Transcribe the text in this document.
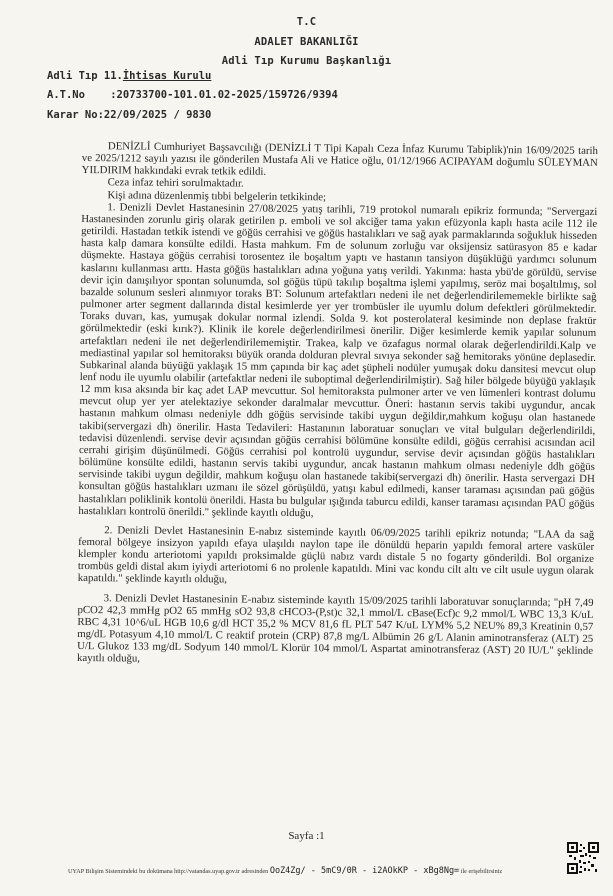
T.C
ADALET BAKANLIĞI
Adli Tıp Kurumu Başkanlığı
Adli Tıp 11.İhtisas Kurulu
A.T.No :20733700-101.01.02-2025/159726/9394
Karar No:22/09/2025 / 9830

DENİZLİ Cumhuriyet Başsavcılığı (DENİZLİ T Tipi Kapalı Ceza İnfaz Kurumu Tabiplik)'nin 16/09/2025 tarih ve 2025/1212 sayılı yazısı ile gönderilen Mustafa Ali ve Hatice oğlu, 01/12/1966 ACIPAYAM doğumlu SÜLEYMAN YILDIRIM hakkındaki evrak tetkik edildi.

Ceza infaz tehiri sorulmaktadır.

Kişi adına düzenlenmiş tıbbi belgelerin tetkikinde;

1. Denizli Devlet Hastanesinin 27/08/2025 yatış tarihli, 719 protokol numaralı epikriz formunda; "Servergazi Hastanesinden zorunlu giriş olarak getirilen p. emboli ve sol akciğer tama yakın efüzyonla kaplı hasta acile 112 ile getirildi. Hastadan tetkik istendi ve göğüs cerrahisi ve göğüs hastalıkları ve sağ ayak parmaklarında soğukluk hisseden hasta kalp damara konsülte edildi. Hasta mahkum. Fm de solunum zorluğu var oksijensiz satürasyon 85 e kadar düşmekte. Hastaya göğüs cerrahisi torosentez ile boşaltım yaptı ve hastanın tansiyon düşüklüğü yardımcı solunum kaslarını kullanması arttı. Hasta göğüs hastalıkları adına yoğuna yatış verildi. Yakınma: hasta ybü'de görüldü, servise devir için danışılıyor spontan solunumda, sol göğüs tüpü takılıp boşaltma işlemi yapılmış, seröz mai boşaltılmış, sol bazalde solunum sesleri alınmıyor toraks BT: Solunum artefaktları nedeni ile net değerlendirilememekle birlikte sağ pulmoner arter segment dallarında distal kesimlerde yer yer trombüsler ile uyumlu dolum defektleri görülmektedir. Toraks duvarı, kas, yumuşak dokular normal izlendi. Solda 9. kot posterolateral kesiminde non deplase fraktür görülmektedir (eski kırık?). Klinik ile korele değerlendirilmesi önerilir. Diğer kesimlerde kemik yapılar solunum artefaktları nedeni ile net değerlendirilememiştir. Trakea, kalp ve özafagus normal olarak değerlendirildi.Kalp ve mediastinal yapılar sol hemitoraksı büyük oranda dolduran plevral sıvıya sekonder sağ hemitoraks yönüne deplasedir. Subkarinal alanda büyüğü yaklaşık 15 mm çapında bir kaç adet şüpheli nodüler yumuşak doku dansitesi mevcut olup lenf nodu ile uyumlu olabilir (artefaktlar nedeni ile suboptimal değerlendirilmiştir). Sağ hiler bölgede büyüğü yaklaşık 12 mm kısa aksında bir kaç adet LAP mevcuttur. Sol hemitoraksta pulmoner arter ve ven lümenleri kontrast dolumu mevcut olup yer yer atelektaziye sekonder daralmalar mevcuttur. Öneri: hastanın servis takibi uygundur, ancak hastanın mahkum olması nedeniyle ddh göğüs servisinde takibi uygun değildir,mahkum koğuşu olan hastanede takibi(servergazi dh) önerilir. Hasta Tedavileri: Hastanının laboratuar sonuçları ve vital bulguları değerlendirildi, tedavisi düzenlendi. servise devir açısından göğüs cerrahisi bölümüne konsülte edildi, göğüs cerrahisi acısından acil cerrahi girişim düşünülmedi. Göğüs cerrahisi pol kontrolü uygundur, servise devir açısından göğüs hastalıkları bölümüne konsülte edildi, hastanın servis takibi uygundur, ancak hastanın mahkum olması nedeniyle ddh göğüs servisinde takibi uygun değildir, mahkum koğuşu olan hastanede takibi(servergazi dh) önerilir. Hasta servergazi DH konsultan göğüs hastalıkları uzmanı ile sözel görüşüldü, yatışı kabul edilmedi, kanser taraması açısından paü göğüs hastalıkları poliklinik kontolü önerildi. Hasta bu bulgular ışığında taburcu edildi, kanser taraması açısından PAÜ göğüs hastalıkları kontrolü önerildi." şeklinde kayıtlı olduğu,

2. Denizli Devlet Hastanesinin E-nabız sisteminde kayıtlı 06/09/2025 tarihli epikriz notunda; "LAA da sağ femoral bölgeye insizyon yapıldı efaya ulaşıldı naylon tape ile dönüldü heparin yapıldı femoral artere vasküler klempler kondu arteriotomi yapıldı proksimalde güçlü nabız vardı distale 5 no fogarty gönderildi. Bol organize trombüs geldi distal akım iyiydi arteriotomi 6 no prolenle kapatıldı. Mini vac kondu cilt altı ve cilt usule uygun olarak kapatıldı." şeklinde kayıtlı olduğu,

3. Denizli Devlet Hastanesinin E-nabız sisteminde kayıtlı 15/09/2025 tarihli laboratuvar sonuçlarında; "pH 7,49 pCO2 42,3 mmHg pO2 65 mmHg sO2 93,8 cHCO3-(P,st)c 32,1 mmol/L cBase(Ecf)c 9,2 mmol/L WBC 13,3 K/uL RBC 4,31 10^6/uL HGB 10,6 g/dl HCT 35,2 % MCV 81,6 fL PLT 547 K/uL LYM% 5,2 NEU% 89,3 Kreatinin 0,57 mg/dL Potasyum 4,10 mmol/L C reaktif protein (CRP) 87,8 mg/L Albümin 26 g/L Alanin aminotransferaz (ALT) 25 U/L Glukoz 133 mg/dL Sodyum 140 mmol/L Klorür 104 mmol/L Aspartat aminotransferaz (AST) 20 IU/L" şeklinde kayıtlı olduğu,

Sayfa :1
UYAP Bilişim Sistemindeki bu dokümana http://vatandas.uyap.gov.tr adresinden OoZ4Zg/ - 5mC9/0R - i2AOkKP - xBg8Ng= ile erişebilirsiniz
